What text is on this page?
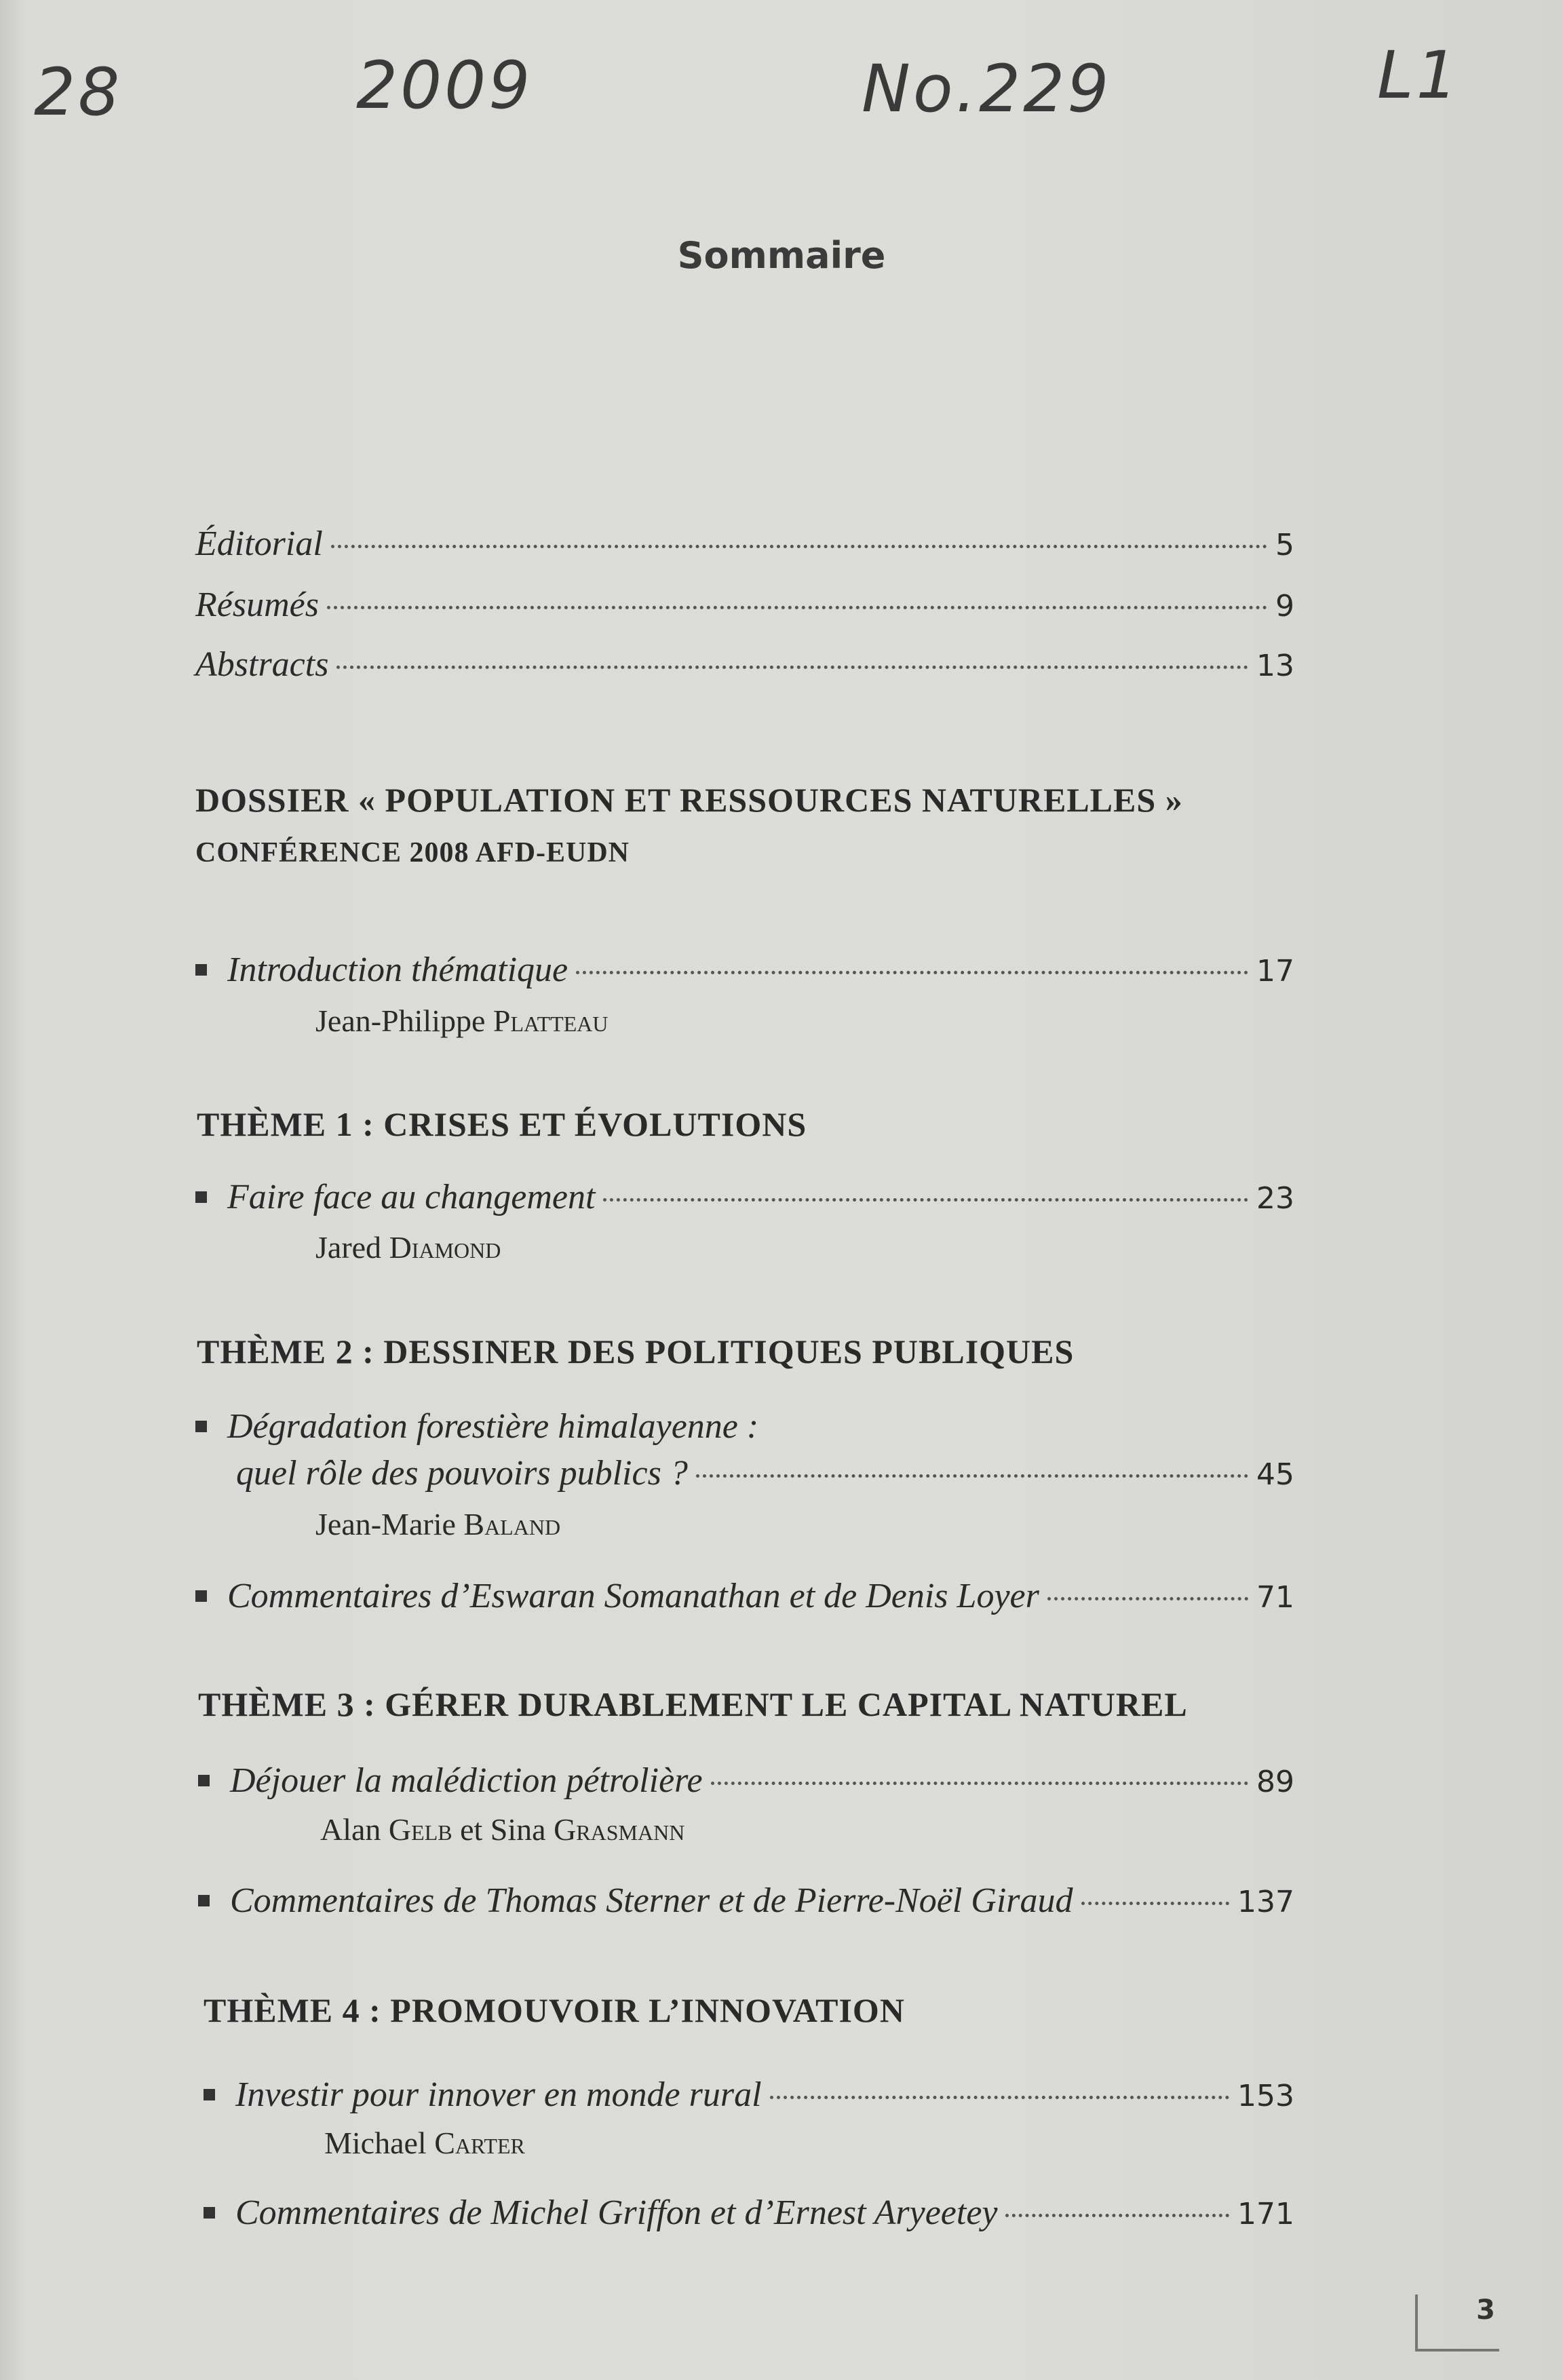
28	2009	No.229	L1
Sommaire
Éditorial	5
Résumés	9
Abstracts	13
DOSSIER « POPULATION ET RESSOURCES NATURELLES »
CONFÉRENCE 2008 AFD-EUDN
Introduction thématique	17
Jean-Philippe Platteau
THÈME 1 : CRISES ET ÉVOLUTIONS
Faire face au changement	23
Jared Diamond
THÈME 2 : DESSINER DES POLITIQUES PUBLIQUES
Dégradation forestière himalayenne :
quel rôle des pouvoirs publics ?	45
Jean-Marie Baland
Commentaires d’Eswaran Somanathan et de Denis Loyer	71
THÈME 3 : GÉRER DURABLEMENT LE CAPITAL NATUREL
Déjouer la malédiction pétrolière	89
Alan Gelb et Sina Grasmann
Commentaires de Thomas Sterner et de Pierre-Noël Giraud	137
THÈME 4 : PROMOUVOIR L’INNOVATION
Investir pour innover en monde rural	153
Michael Carter
Commentaires de Michel Griffon et d’Ernest Aryeetey	171
3
